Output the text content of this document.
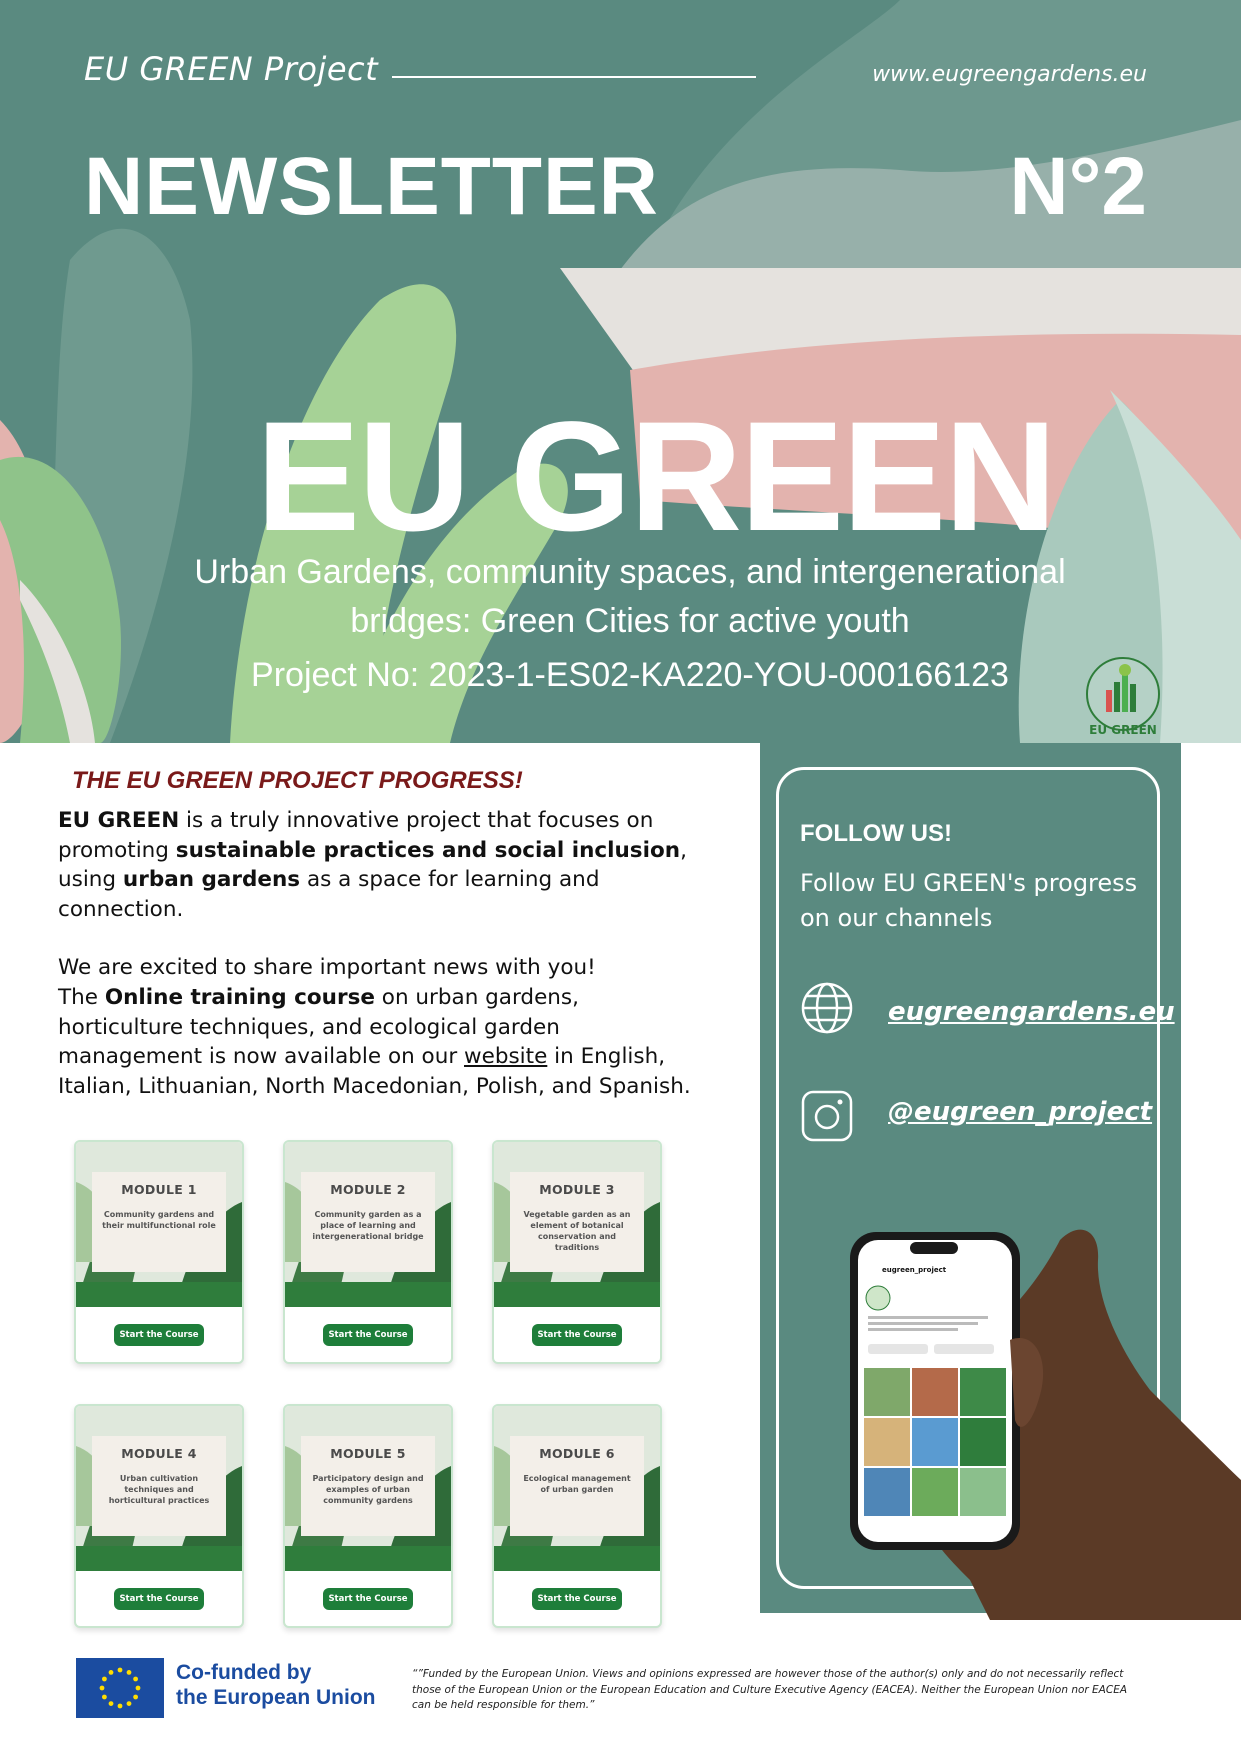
EU GREEN Project	www.eugreengardens.eu
NEWSLETTER	N°2
EU GREEN
Urban Gardens, community spaces, and intergenerational
bridges: Green Cities for active youth
Project No: 2023-1-ES02-KA220-YOU-000166123
EU GREEN
THE EU GREEN PROJECT PROGRESS!

EU GREEN is a truly innovative project that focuses on promoting sustainable practices and social inclusion, using urban gardens as a space for learning and connection.

We are excited to share important news with you!
The Online training course on urban gardens, horticulture techniques, and ecological garden management is now available on our website in English, Italian, Lithuanian, North Macedonian, Polish, and Spanish.

MODULE 1
Community gardens and their multifunctional role
Start the Course
MODULE 2
Community garden as a place of learning and intergenerational bridge
Start the Course
MODULE 3
Vegetable garden as an element of botanical conservation and traditions
Start the Course
MODULE 4
Urban cultivation techniques and horticultural practices
Start the Course
MODULE 5
Participatory design and examples of urban community gardens
Start the Course
MODULE 6
Ecological management of urban garden
Start the Course
FOLLOW US!
Follow EU GREEN's progress on our channels
eugreengardens.eu
@eugreen_project
eugreen_project
Co-funded by
the European Union
“”Funded by the European Union. Views and opinions expressed are however those of the author(s) only and do not necessarily reflect those of the European Union or the European Education and Culture Executive Agency (EACEA). Neither the European Union nor EACEA can be held responsible for them.”
